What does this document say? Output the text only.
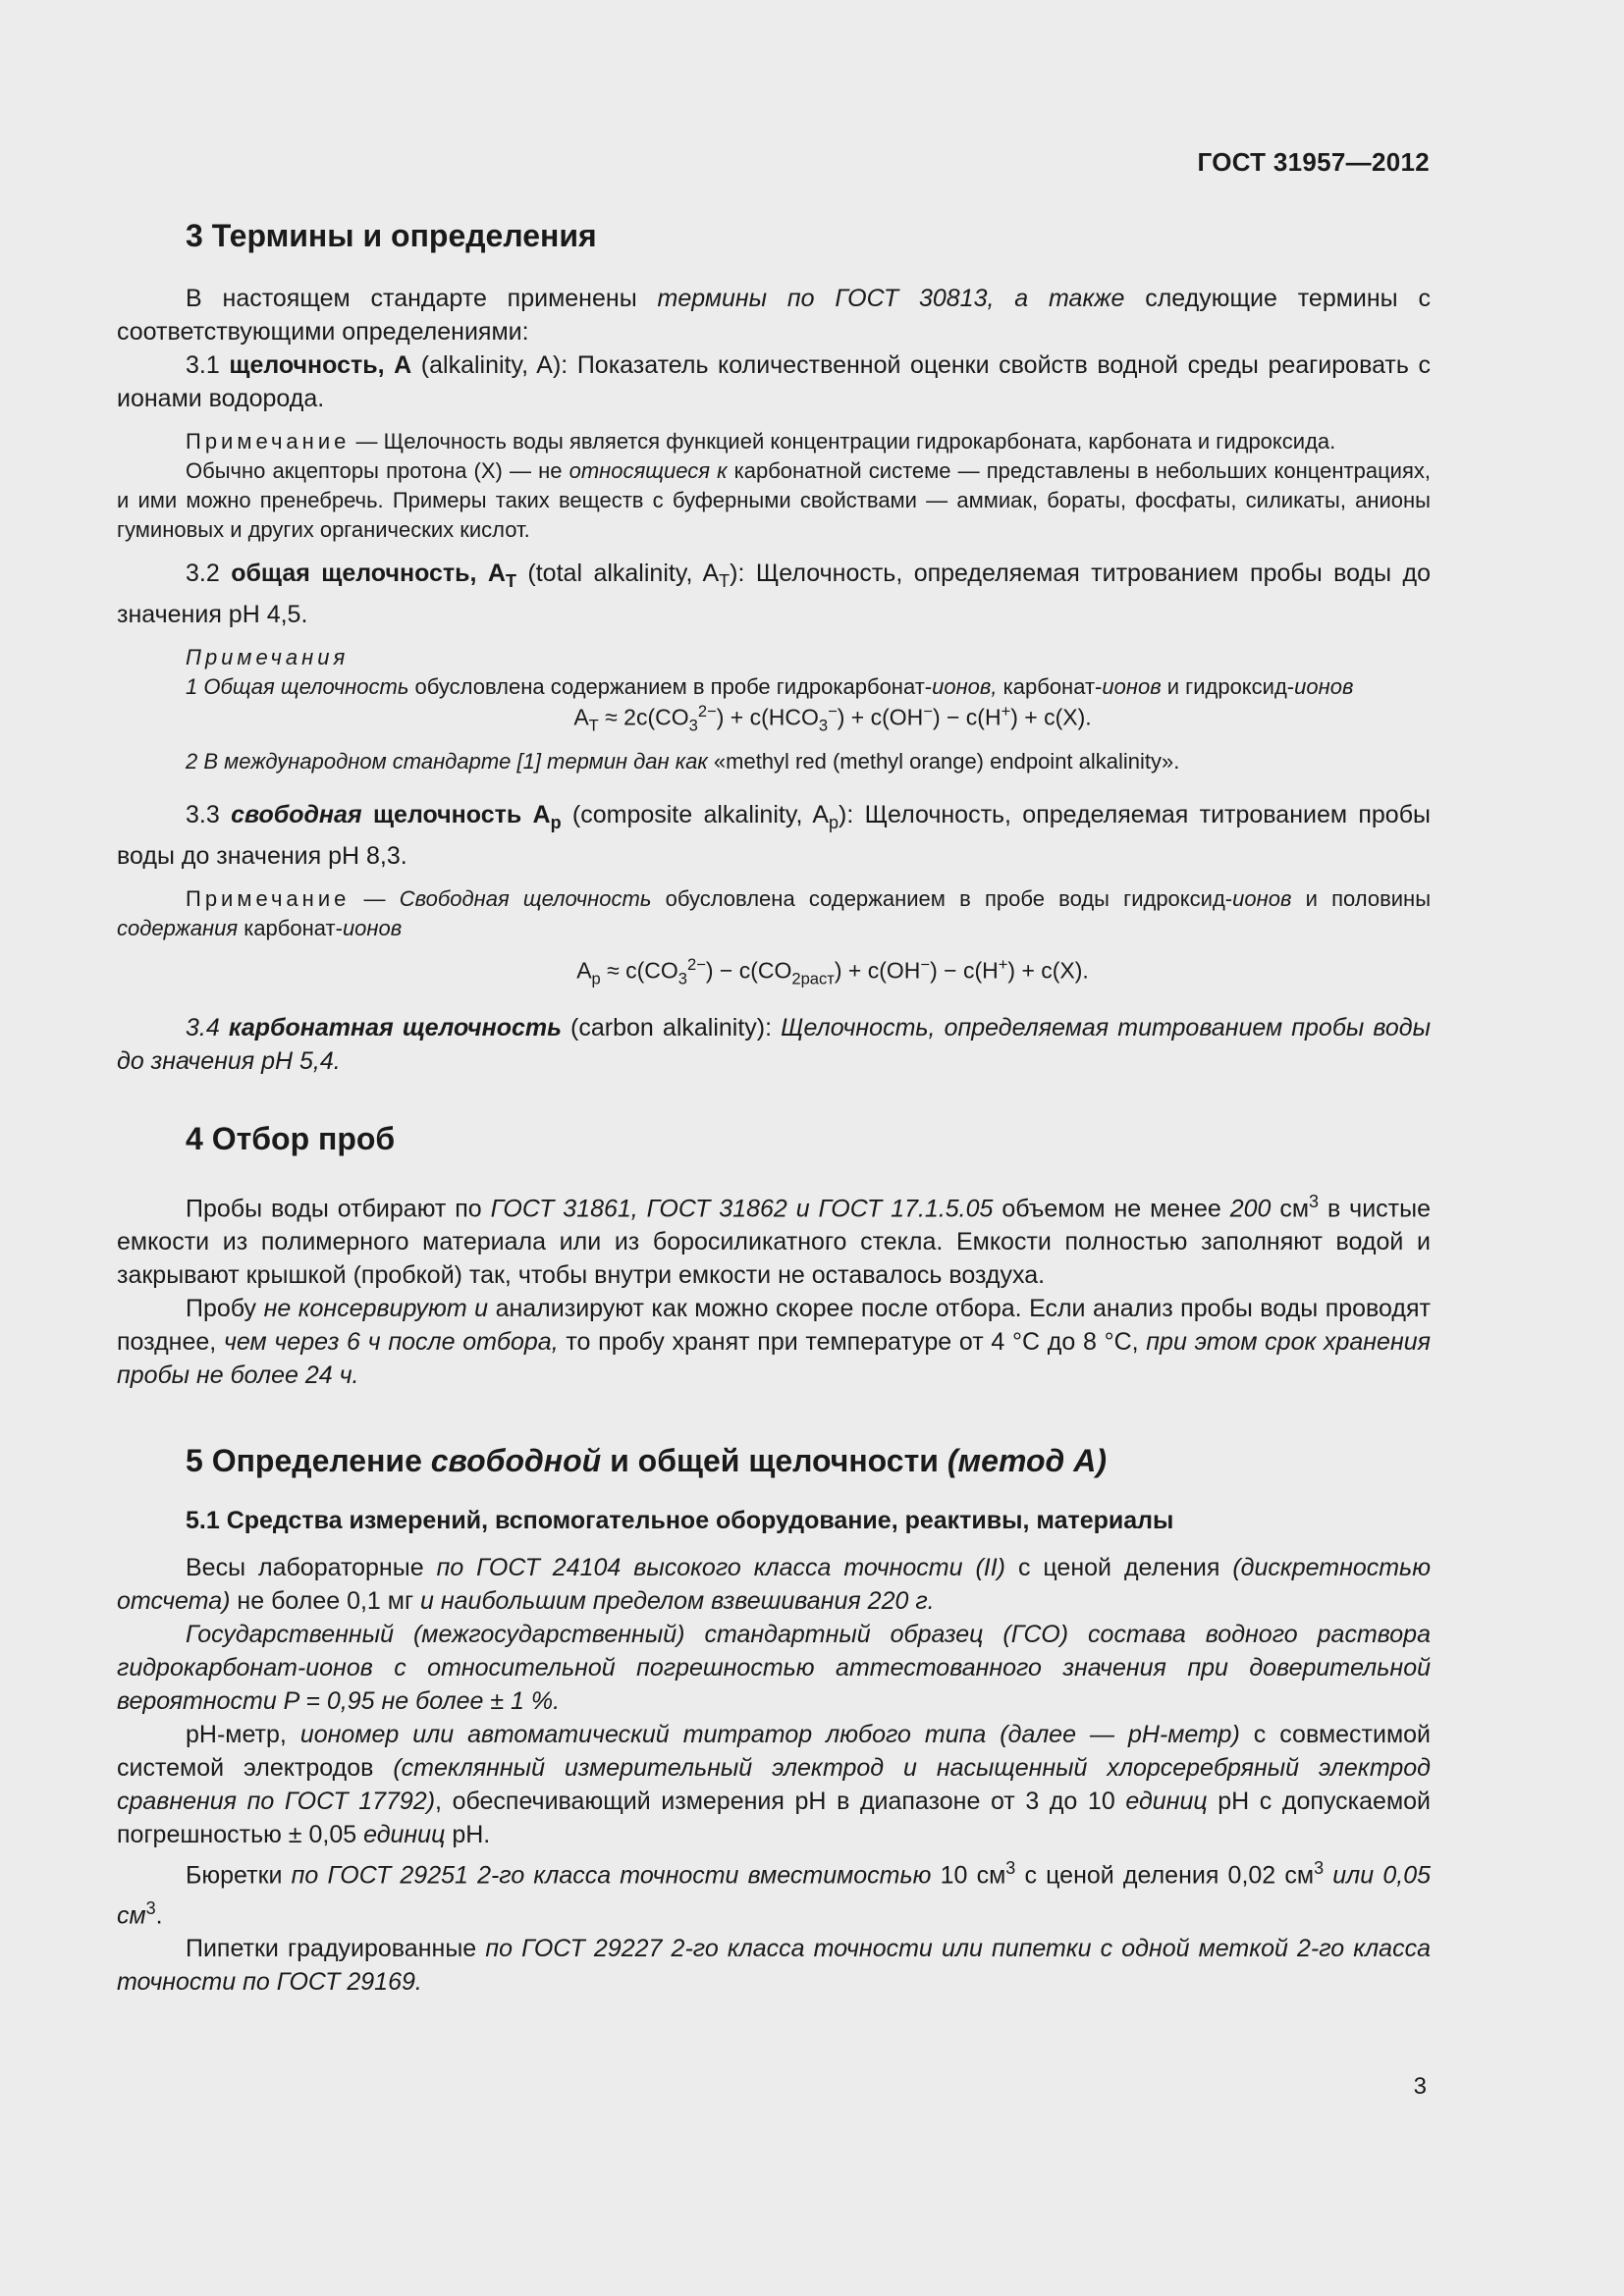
ГОСТ 31957—2012
3 Термины и определения

В настоящем стандарте применены термины по ГОСТ 30813, а также следующие термины с соответствующими определениями:

3.1 щелочность, А (alkalinity, A): Показатель количественной оценки свойств водной среды реагировать с ионами водорода.

Примечание — Щелочность воды является функцией концентрации гидрокарбоната, карбоната и гидроксида.

Обычно акцепторы протона (X) — не относящиеся к карбонатной системе — представлены в небольших концентрациях, и ими можно пренебречь. Примеры таких веществ с буферными свойствами — аммиак, бораты, фосфаты, силикаты, анионы гуминовых и других органических кислот.

3.2 общая щелочность, $A_T$ (total alkalinity, $A_T$): Щелочность, определяемая титрованием пробы воды до значения pH 4,5.

Примечания

1 Общая щелочность обусловлена содержанием в пробе гидрокарбонат-ионов, карбонат-ионов и гидроксид-ионов

$A_T \approx 2c(CO_3^{2-}) + c(HCO_3^-) + c(OH^-) - c(H^+) + c(X)$.

2 В международном стандарте [1] термин дан как «methyl red (methyl orange) endpoint alkalinity».

3.3 свободная щелочность $A_p$ (composite alkalinity, $A_p$): Щелочность, определяемая титрованием пробы воды до значения pH 8,3.

Примечание — Свободная щелочность обусловлена содержанием в пробе воды гидроксид-ионов и половины содержания карбонат-ионов

$A_p \approx c(CO_3^{2-}) - c(CO_{2раст}) + c(OH^-) - c(H^+) + c(X)$.

3.4 карбонатная щелочность (carbon alkalinity): Щелочность, определяемая титрованием пробы воды до значения pH 5,4.

4 Отбор проб

Пробы воды отбирают по ГОСТ 31861, ГОСТ 31862 и ГОСТ 17.1.5.05 объемом не менее 200 $см^3$ в чистые емкости из полимерного материала или из боросиликатного стекла. Емкости полностью заполняют водой и закрывают крышкой (пробкой) так, чтобы внутри емкости не оставалось воздуха.

Пробу не консервируют и анализируют как можно скорее после отбора. Если анализ пробы воды проводят позднее, чем через 6 ч после отбора, то пробу хранят при температуре от 4 °С до 8 °С, при этом срок хранения пробы не более 24 ч.

5 Определение свободной и общей щелочности (метод А)
5.1 Средства измерений, вспомогательное оборудование, реактивы, материалы

Весы лабораторные по ГОСТ 24104 высокого класса точности (II) с ценой деления (дискретностью отсчета) не более 0,1 мг и наибольшим пределом взвешивания 220 г.

Государственный (межгосударственный) стандартный образец (ГСО) состава водного раствора гидрокарбонат-ионов с относительной погрешностью аттестованного значения при доверительной вероятности P = 0,95 не более ± 1 %.

pH-метр, иономер или автоматический титратор любого типа (далее — pH-метр) с совместимой системой электродов (стеклянный измерительный электрод и насыщенный хлорсеребряный электрод сравнения по ГОСТ 17792), обеспечивающий измерения pH в диапазоне от 3 до 10 единиц pH с допускаемой погрешностью ± 0,05 единиц pH.

Бюретки по ГОСТ 29251 2-го класса точности вместимостью 10 $см^3$ с ценой деления 0,02 $см^3$ или 0,05 $см^3$.

Пипетки градуированные по ГОСТ 29227 2-го класса точности или пипетки с одной меткой 2-го класса точности по ГОСТ 29169.

3
